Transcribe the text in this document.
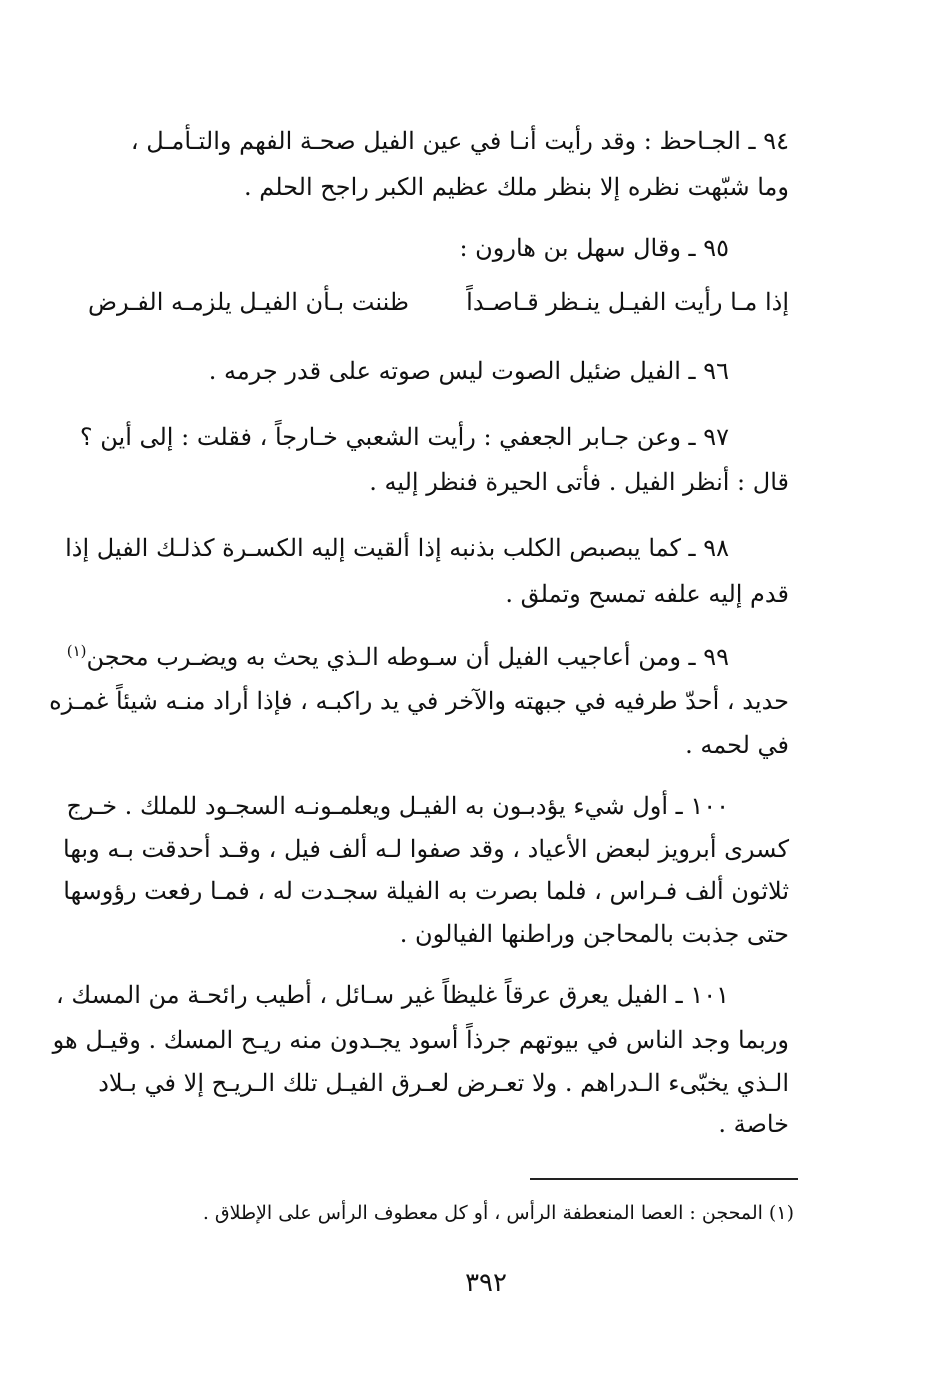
٩٤ ـ الجـاحظ : وقد رأيت أنـا في عين الفيل صحـة الفهم والتـأمـل ،
وما شبّهت نظره إلا بنظر ملك عظيم الكبر راجح الحلم .
٩٥ ـ وقال سهل بن هارون :
إذا مـا رأيت الفيـل ينـظر قـاصـداً
ظننت بـأن الفيـل يلزمـه الفـرض
٩٦ ـ الفيل ضئيل الصوت ليس صوته على قدر جرمه .
٩٧ ـ وعن جـابر الجعفي : رأيت الشعبي خـارجاً ، فقلت : إلى أين ؟
قال : أنظر الفيل . فأتى الحيرة فنظر إليه .
٩٨ ـ كما يبصبص الكلب بذنبه إذا ألقيت إليه الكسـرة كذلـك الفيل إذا
قدم إليه علفه تمسح وتملق .
٩٩ ـ ومن أعاجيب الفيل أن سـوطه الـذي يحث به ويضـرب محجن$^{(١)}$
حديد ، أحدّ طرفيه في جبهته والآخر في يد راكبـه ، فإذا أراد منـه شيئاً غمـزه
في لحمه .
١٠٠ ـ أول شيء يؤدبـون به الفيـل ويعلمـونـه السجـود للملك . خـرج
كسرى أبرويز لبعض الأعياد ، وقد صفوا لـه ألف فيل ، وقـد أحدقت بـه وبها
ثلاثون ألف فـراس ، فلما بصرت به الفيلة سجـدت له ، فمـا رفعت رؤوسها
حتى جذبت بالمحاجن وراطنها الفيالون .
١٠١ ـ الفيل يعرق عرقاً غليظاً غير سـائل ، أطيب رائحـة من المسك ،
وربما وجد الناس في بيوتهم جرذاً أسود يجـدون منه ريـح المسك . وقيـل هو
الـذي يخبّىء الـدراهم . ولا تعـرض لعـرق الفيـل تلك الـريـح إلا في بـلاد
خاصة .
(١) المحجن : العصا المنعطفة الرأس ، أو كل معطوف الرأس على الإطلاق .
٣٩٢
